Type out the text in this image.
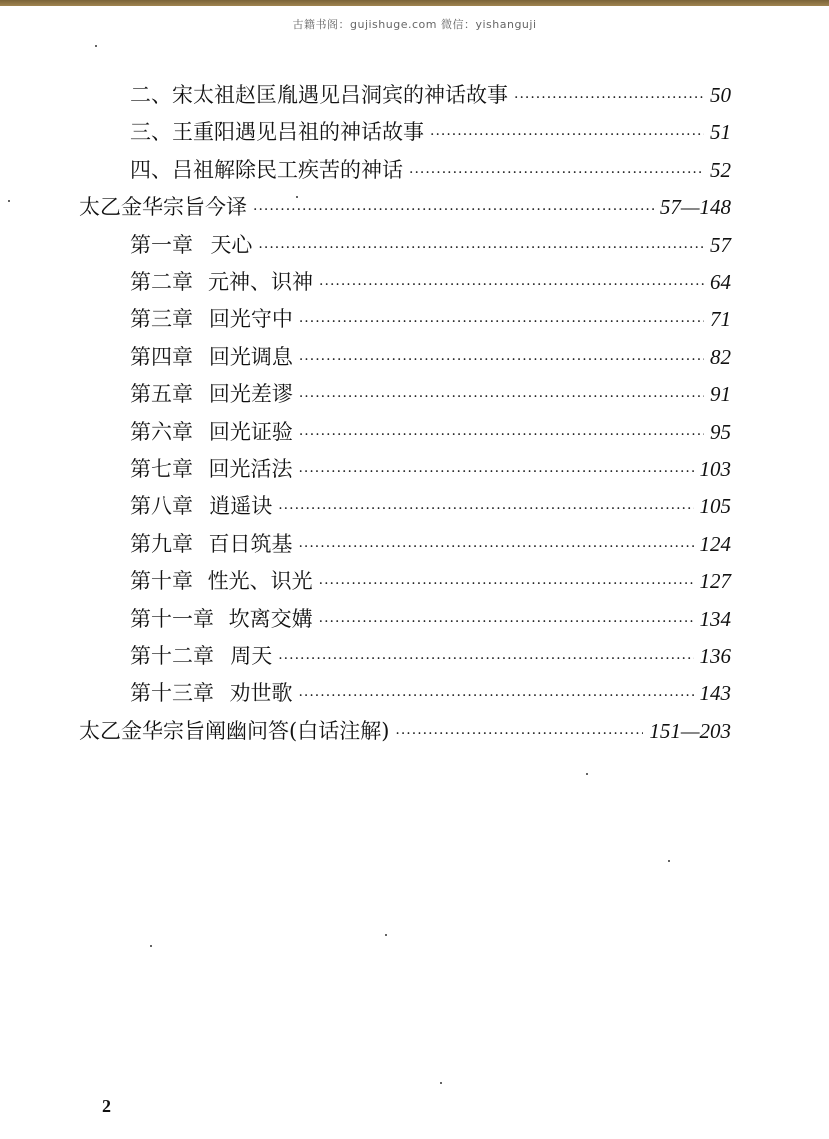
古籍书阁：gujishuge.com 微信：yishanguji
二、宋太祖赵匡胤遇见吕洞宾的神话故事 ·····	50
三、王重阳遇见吕祖的神话故事 ·····	51
四、吕祖解除民工疾苦的神话 ·····	52
太乙金华宗旨今译 ·····	57—148
第一章 天心 ·····	57
第二章 元神、识神 ·····	64
第三章 回光守中 ·····	71
第四章 回光调息 ·····	82
第五章 回光差谬 ·····	91
第六章 回光证验 ·····	95
第七章 回光活法 ·····	103
第八章 逍遥诀 ·····	105
第九章 百日筑基 ·····	124
第十章 性光、识光 ·····	127
第十一章 坎离交媾 ·····	134
第十二章 周天 ·····	136
第十三章 劝世歌 ·····	143
太乙金华宗旨阐幽问答(白话注解) ·····	151—203
2
